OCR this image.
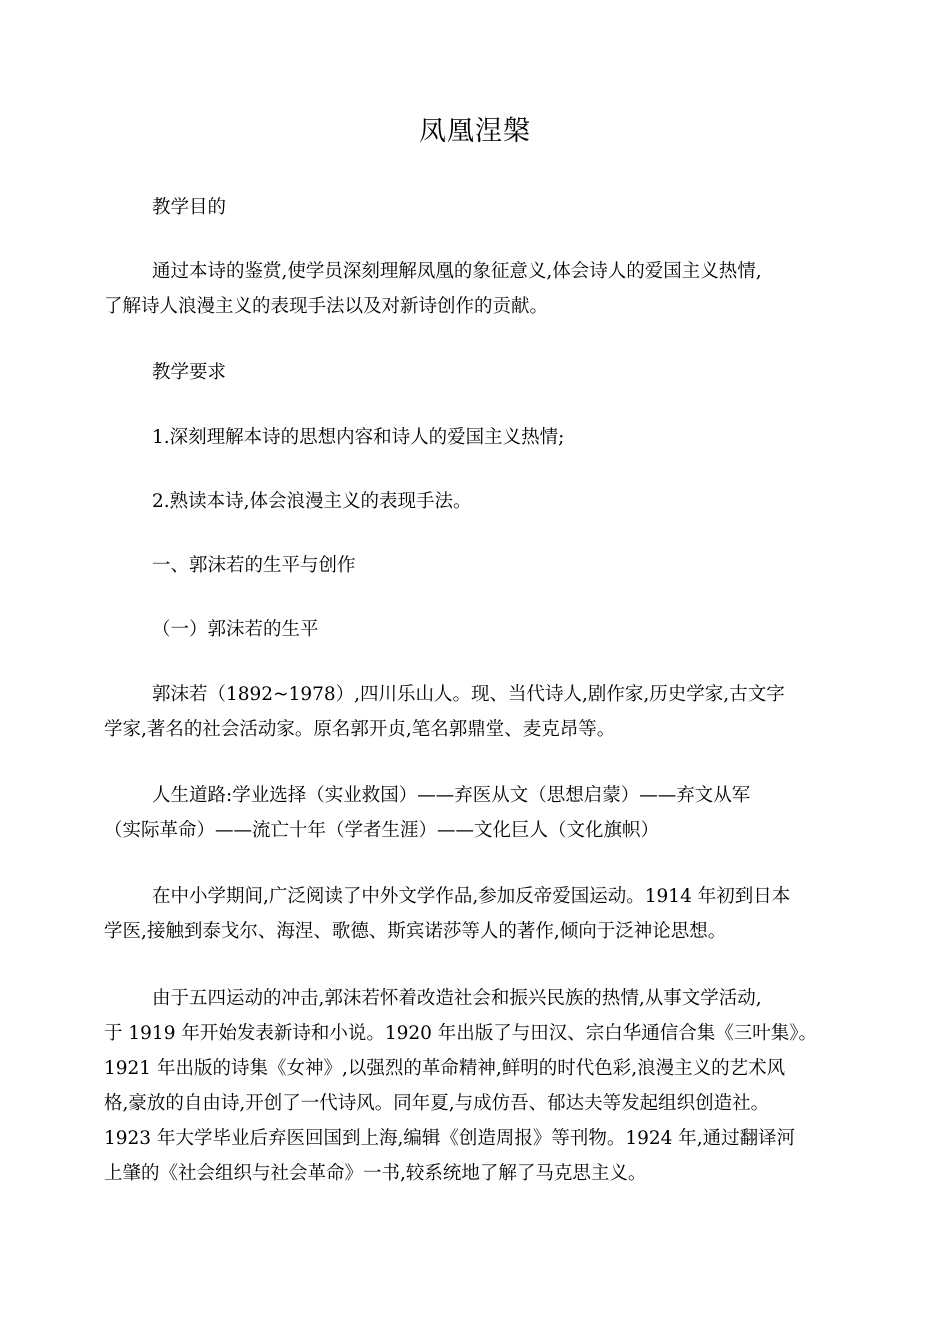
凤凰涅槃
教学目的
通过本诗的鉴赏,使学员深刻理解凤凰的象征意义,体会诗人的爱国主义热情,
了解诗人浪漫主义的表现手法以及对新诗创作的贡献。
教学要求
1.深刻理解本诗的思想内容和诗人的爱国主义热情;
2.熟读本诗,体会浪漫主义的表现手法。
一、郭沫若的生平与创作
（一）郭沫若的生平
郭沫若（1892~1978）,四川乐山人。现、当代诗人,剧作家,历史学家,古文字
学家,著名的社会活动家。原名郭开贞,笔名郭鼎堂、麦克昂等。
人生道路:学业选择（实业救国）——弃医从文（思想启蒙）——弃文从军
（实际革命）——流亡十年（学者生涯）——文化巨人（文化旗帜）
在中小学期间,广泛阅读了中外文学作品,参加反帝爱国运动。1914 年初到日本
学医,接触到泰戈尔、海涅、歌德、斯宾诺莎等人的著作,倾向于泛神论思想。
由于五四运动的冲击,郭沫若怀着改造社会和振兴民族的热情,从事文学活动,
于 1919 年开始发表新诗和小说。1920 年出版了与田汉、宗白华通信合集《三叶集》。
1921 年出版的诗集《女神》,以强烈的革命精神,鲜明的时代色彩,浪漫主义的艺术风
格,豪放的自由诗,开创了一代诗风。同年夏,与成仿吾、郁达夫等发起组织创造社。
1923 年大学毕业后弃医回国到上海,编辑《创造周报》等刊物。1924 年,通过翻译河
上肇的《社会组织与社会革命》一书,较系统地了解了马克思主义。
